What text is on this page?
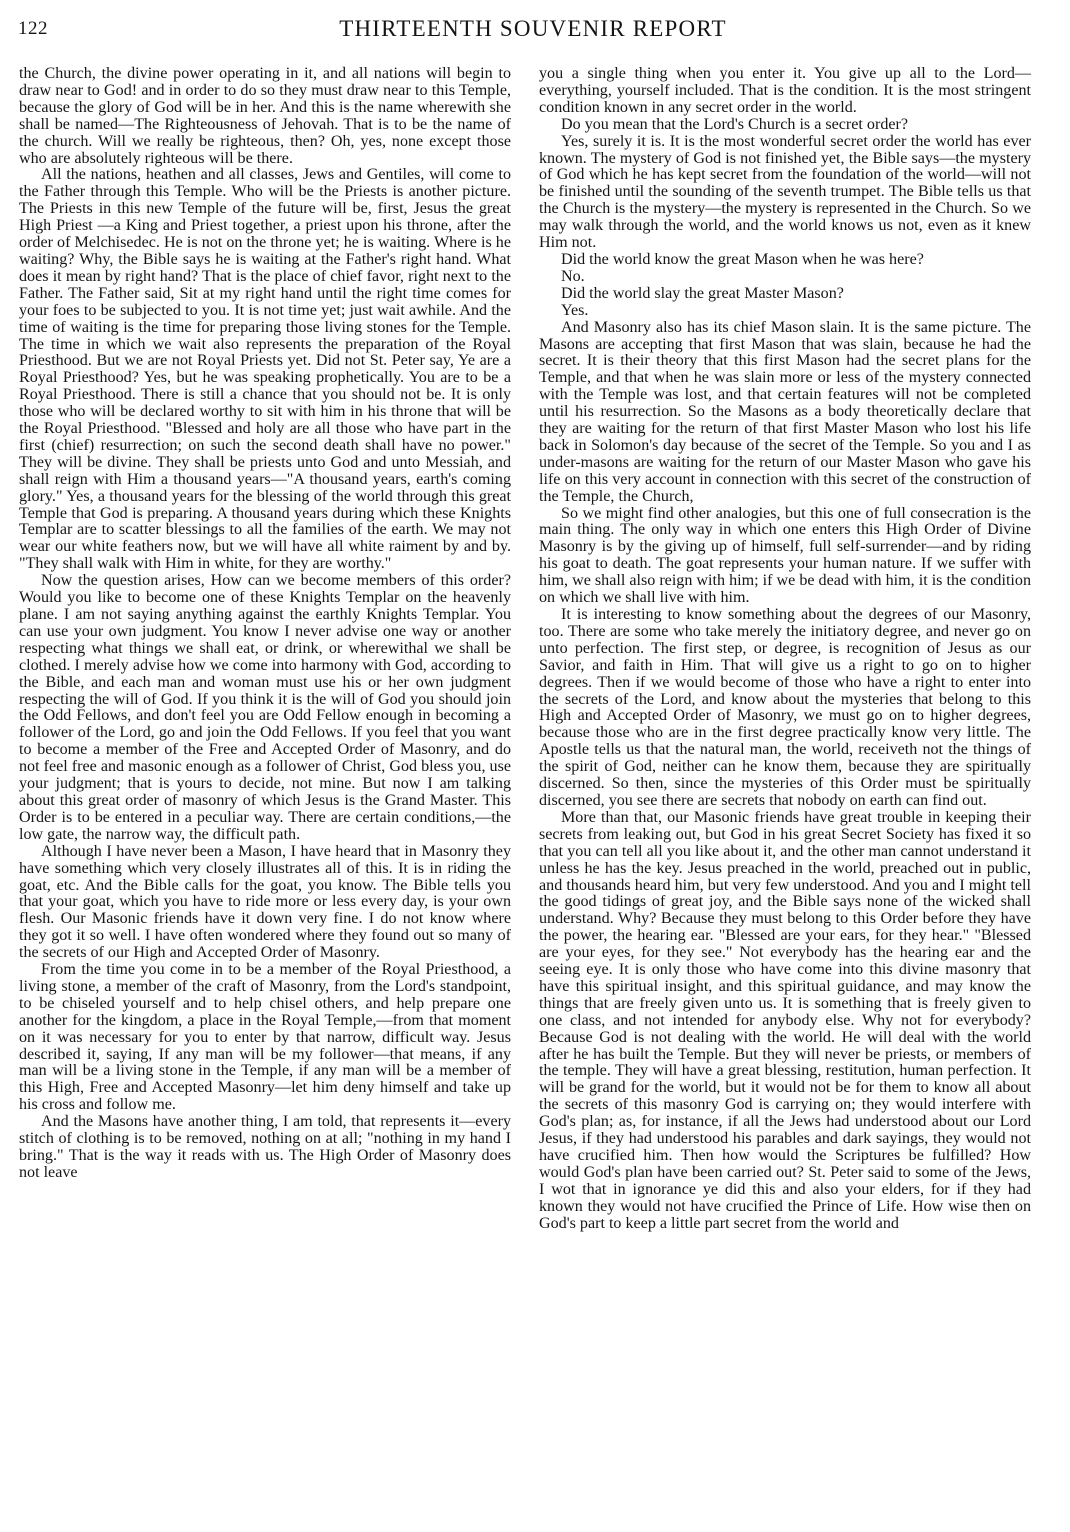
122	THIRTEENTH SOUVENIR REPORT

the Church, the divine power operating in it, and all nations will begin to draw near to God! and in order to do so they must draw near to this Temple, because the glory of God will be in her. And this is the name wherewith she shall be named—The Righteousness of Jehovah. That is to be the name of the church. Will we really be righteous, then? Oh, yes, none except those who are absolutely righteous will be there.

All the nations, heathen and all classes, Jews and Gentiles, will come to the Father through this Temple. Who will be the Priests is another picture. The Priests in this new Temple of the future will be, first, Jesus the great High Priest —a King and Priest together, a priest upon his throne, after the order of Melchisedec. He is not on the throne yet; he is waiting. Where is he waiting? Why, the Bible says he is waiting at the Father's right hand. What does it mean by right hand? That is the place of chief favor, right next to the Father. The Father said, Sit at my right hand until the right time comes for your foes to be subjected to you. It is not time yet; just wait awhile. And the time of waiting is the time for preparing those living stones for the Temple. The time in which we wait also represents the preparation of the Royal Priesthood. But we are not Royal Priests yet. Did not St. Peter say, Ye are a Royal Priesthood? Yes, but he was speaking prophetically. You are to be a Royal Priesthood. There is still a chance that you should not be. It is only those who will be declared worthy to sit with him in his throne that will be the Royal Priesthood. "Blessed and holy are all those who have part in the first (chief) resurrection; on such the second death shall have no power." They will be divine. They shall be priests unto God and unto Messiah, and shall reign with Him a thousand years—"A thousand years, earth's coming glory." Yes, a thousand years for the blessing of the world through this great Temple that God is preparing. A thousand years during which these Knights Templar are to scatter blessings to all the families of the earth. We may not wear our white feathers now, but we will have all white raiment by and by. "They shall walk with Him in white, for they are worthy."

Now the question arises, How can we become members of this order? Would you like to become one of these Knights Templar on the heavenly plane. I am not saying anything against the earthly Knights Templar. You can use your own judgment. You know I never advise one way or another respecting what things we shall eat, or drink, or wherewithal we shall be clothed. I merely advise how we come into harmony with God, according to the Bible, and each man and woman must use his or her own judgment respecting the will of God. If you think it is the will of God you should join the Odd Fellows, and don't feel you are Odd Fellow enough in becoming a follower of the Lord, go and join the Odd Fellows. If you feel that you want to become a member of the Free and Accepted Order of Masonry, and do not feel free and masonic enough as a follower of Christ, God bless you, use your judgment; that is yours to decide, not mine. But now I am talking about this great order of masonry of which Jesus is the Grand Master. This Order is to be entered in a peculiar way. There are certain conditions,—the low gate, the narrow way, the difficult path.

Although I have never been a Mason, I have heard that in Masonry they have something which very closely illustrates all of this. It is in riding the goat, etc. And the Bible calls for the goat, you know. The Bible tells you that your goat, which you have to ride more or less every day, is your own flesh. Our Masonic friends have it down very fine. I do not know where they got it so well. I have often wondered where they found out so many of the secrets of our High and Accepted Order of Masonry.

From the time you come in to be a member of the Royal Priesthood, a living stone, a member of the craft of Masonry, from the Lord's standpoint, to be chiseled yourself and to help chisel others, and help prepare one another for the kingdom, a place in the Royal Temple,—from that moment on it was necessary for you to enter by that narrow, difficult way. Jesus described it, saying, If any man will be my follower—that means, if any man will be a living stone in the Temple, if any man will be a member of this High, Free and Accepted Masonry—let him deny himself and take up his cross and follow me.

And the Masons have another thing, I am told, that represents it—every stitch of clothing is to be removed, nothing on at all; "nothing in my hand I bring." That is the way it reads with us. The High Order of Masonry does not leave

you a single thing when you enter it. You give up all to the Lord—everything, yourself included. That is the condition. It is the most stringent condition known in any secret order in the world.

Do you mean that the Lord's Church is a secret order?

Yes, surely it is. It is the most wonderful secret order the world has ever known. The mystery of God is not finished yet, the Bible says—the mystery of God which he has kept secret from the foundation of the world—will not be finished until the sounding of the seventh trumpet. The Bible tells us that the Church is the mystery—the mystery is represented in the Church. So we may walk through the world, and the world knows us not, even as it knew Him not.

Did the world know the great Mason when he was here?

No.

Did the world slay the great Master Mason?

Yes.

And Masonry also has its chief Mason slain. It is the same picture. The Masons are accepting that first Mason that was slain, because he had the secret. It is their theory that this first Mason had the secret plans for the Temple, and that when he was slain more or less of the mystery connected with the Temple was lost, and that certain features will not be completed until his resurrection. So the Masons as a body theoretically declare that they are waiting for the return of that first Master Mason who lost his life back in Solomon's day because of the secret of the Temple. So you and I as under-masons are waiting for the return of our Master Mason who gave his life on this very account in connection with this secret of the construction of the Temple, the Church,

So we might find other analogies, but this one of full consecration is the main thing. The only way in which one enters this High Order of Divine Masonry is by the giving up of himself, full self-surrender—and by riding his goat to death. The goat represents your human nature. If we suffer with him, we shall also reign with him; if we be dead with him, it is the condition on which we shall live with him.

It is interesting to know something about the degrees of our Masonry, too. There are some who take merely the initiatory degree, and never go on unto perfection. The first step, or degree, is recognition of Jesus as our Savior, and faith in Him. That will give us a right to go on to higher degrees. Then if we would become of those who have a right to enter into the secrets of the Lord, and know about the mysteries that belong to this High and Accepted Order of Masonry, we must go on to higher degrees, because those who are in the first degree practically know very little. The Apostle tells us that the natural man, the world, receiveth not the things of the spirit of God, neither can he know them, because they are spiritually discerned. So then, since the mysteries of this Order must be spiritually discerned, you see there are secrets that nobody on earth can find out.

More than that, our Masonic friends have great trouble in keeping their secrets from leaking out, but God in his great Secret Society has fixed it so that you can tell all you like about it, and the other man cannot understand it unless he has the key. Jesus preached in the world, preached out in public, and thousands heard him, but very few understood. And you and I might tell the good tidings of great joy, and the Bible says none of the wicked shall understand. Why? Because they must belong to this Order before they have the power, the hearing ear. "Blessed are your ears, for they hear." "Blessed are your eyes, for they see." Not everybody has the hearing ear and the seeing eye. It is only those who have come into this divine masonry that have this spiritual insight, and this spiritual guidance, and may know the things that are freely given unto us. It is something that is freely given to one class, and not intended for anybody else. Why not for everybody? Because God is not dealing with the world. He will deal with the world after he has built the Temple. But they will never be priests, or members of the temple. They will have a great blessing, restitution, human perfection. It will be grand for the world, but it would not be for them to know all about the secrets of this masonry God is carrying on; they would interfere with God's plan; as, for instance, if all the Jews had understood about our Lord Jesus, if they had understood his parables and dark sayings, they would not have crucified him. Then how would the Scriptures be fulfilled? How would God's plan have been carried out? St. Peter said to some of the Jews, I wot that in ignorance ye did this and also your elders, for if they had known they would not have crucified the Prince of Life. How wise then on God's part to keep a little part secret from the world and
